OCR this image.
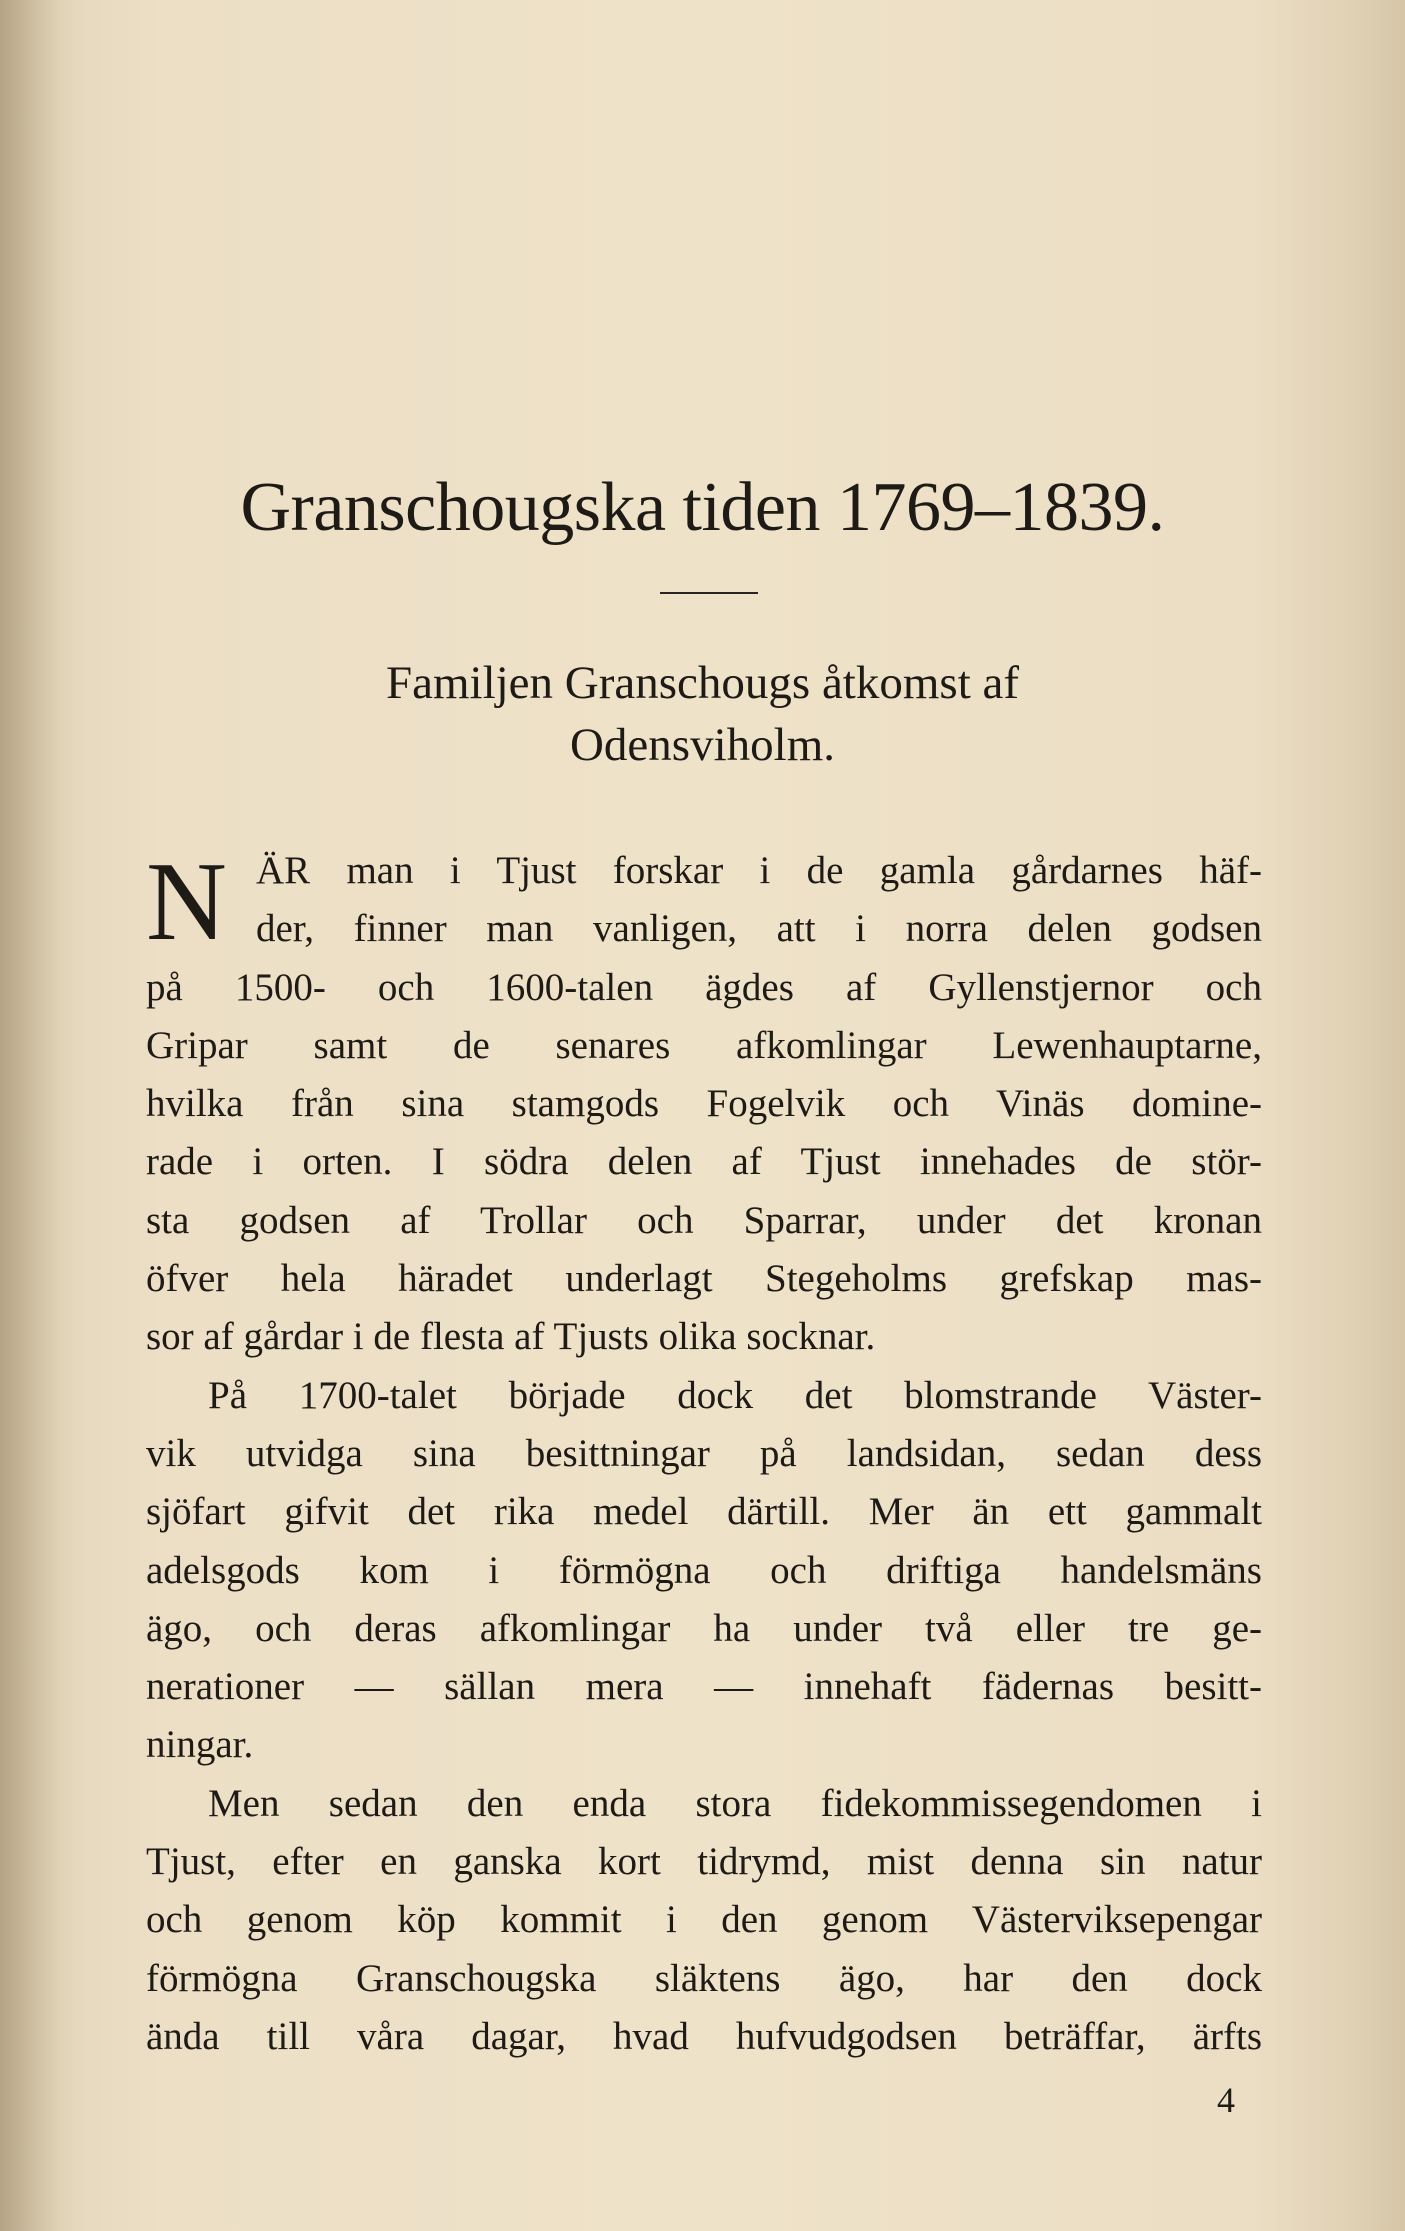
Granschougska tiden 1769–1839.
Familjen Granschougs åtkomst af
Odensviholm.
N ÄR man i Tjust forskar i de gamla gårdarnes häf-
der, finner man vanligen, att i norra delen godsen
på 1500- och 1600-talen ägdes af Gyllenstjernor och
Gripar samt de senares afkomlingar Lewenhauptarne,
hvilka från sina stamgods Fogelvik och Vinäs domine-
rade i orten. I södra delen af Tjust innehades de stör-
sta godsen af Trollar och Sparrar, under det kronan
öfver hela häradet underlagt Stegeholms grefskap mas-
sor af gårdar i de flesta af Tjusts olika socknar.
På 1700-talet började dock det blomstrande Väster-
vik utvidga sina besittningar på landsidan, sedan dess
sjöfart gifvit det rika medel därtill. Mer än ett gammalt
adelsgods kom i förmögna och driftiga handelsmäns
ägo, och deras afkomlingar ha under två eller tre ge-
nerationer — sällan mera — innehaft fädernas besitt-
ningar.
Men sedan den enda stora fidekommissegendomen i
Tjust, efter en ganska kort tidrymd, mist denna sin natur
och genom köp kommit i den genom Västerviksepengar
förmögna Granschougska släktens ägo, har den dock
ända till våra dagar, hvad hufvudgodsen beträffar, ärfts
4
